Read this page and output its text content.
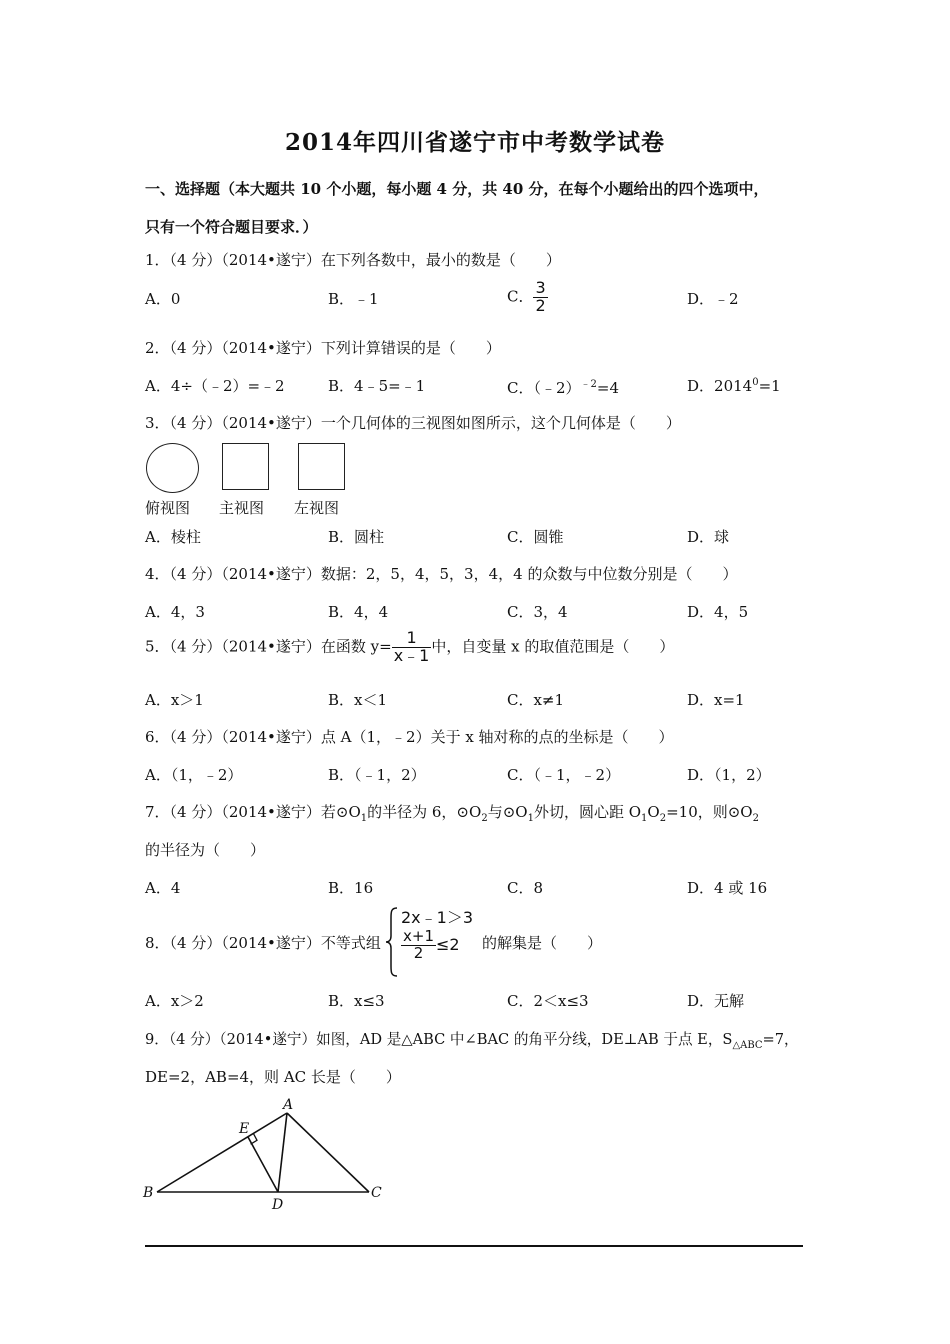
2014年四川省遂宁市中考数学试卷
一、选择题（本大题共 10 个小题，每小题 4 分，共 40 分，在每个小题给出的四个选项中，
只有一个符合题目要求．）
1．（4 分）（2014•遂宁）在下列各数中，最小的数是（　　）
A．0	B．﹣1	C． $\frac{3}{2}$	D．﹣2
2．（4 分）（2014•遂宁）下列计算错误的是（　　）
A．4÷（﹣2）=﹣2	B．4﹣5=﹣1	C．（﹣2）$^{﹣2}$=4	D．$2014^0=1$
3．（4 分）（2014•遂宁）一个几何体的三视图如图所示，这个几何体是（　　）
俯视图 主视图 左视图
A．棱柱	B．圆柱	C．圆锥	D．球
4．（4 分）（2014•遂宁）数据：2，5，4，5，3，4，4 的众数与中位数分别是（　　）
A．4，3	B．4，4	C．3，4	D．4，5
5．（4 分）（2014•遂宁）在函数 $y= \frac{1}{x﹣1}$ 中，自变量 x 的取值范围是（　　）
A．x＞1	B．x＜1	C．x≠1	D．x=1
6．（4 分）（2014•遂宁）点 A（1，﹣2）关于 x 轴对称的点的坐标是（　　）
A．（1，﹣2）	B．（﹣1，2）	C．（﹣1，﹣2）	D．（1，2）
7．（4 分）（2014•遂宁）若$⊙O_1$的半径为 6，$⊙O_2$与$⊙O_1$外切，圆心距 $O_1O_2=10$，则$⊙O_2$
的半径为（　　）
A．4	B．16	C．8	D．4 或 16
8．（4 分）（2014•遂宁）不等式组
2x﹣1＞3
$\frac{x+1}{2} \le 2$ 的解集是（　　）
A．x＞2	B．x≤3	C．2＜x≤3	D．无解
9．（4 分）（2014•遂宁）如图，AD 是△ABC 中∠BAC 的角平分线，DE⊥AB 于点 E，$S_{\triangle ABC}=7$，
DE=2，AB=4，则 AC 长是（　　）
A
E
B
D
C
